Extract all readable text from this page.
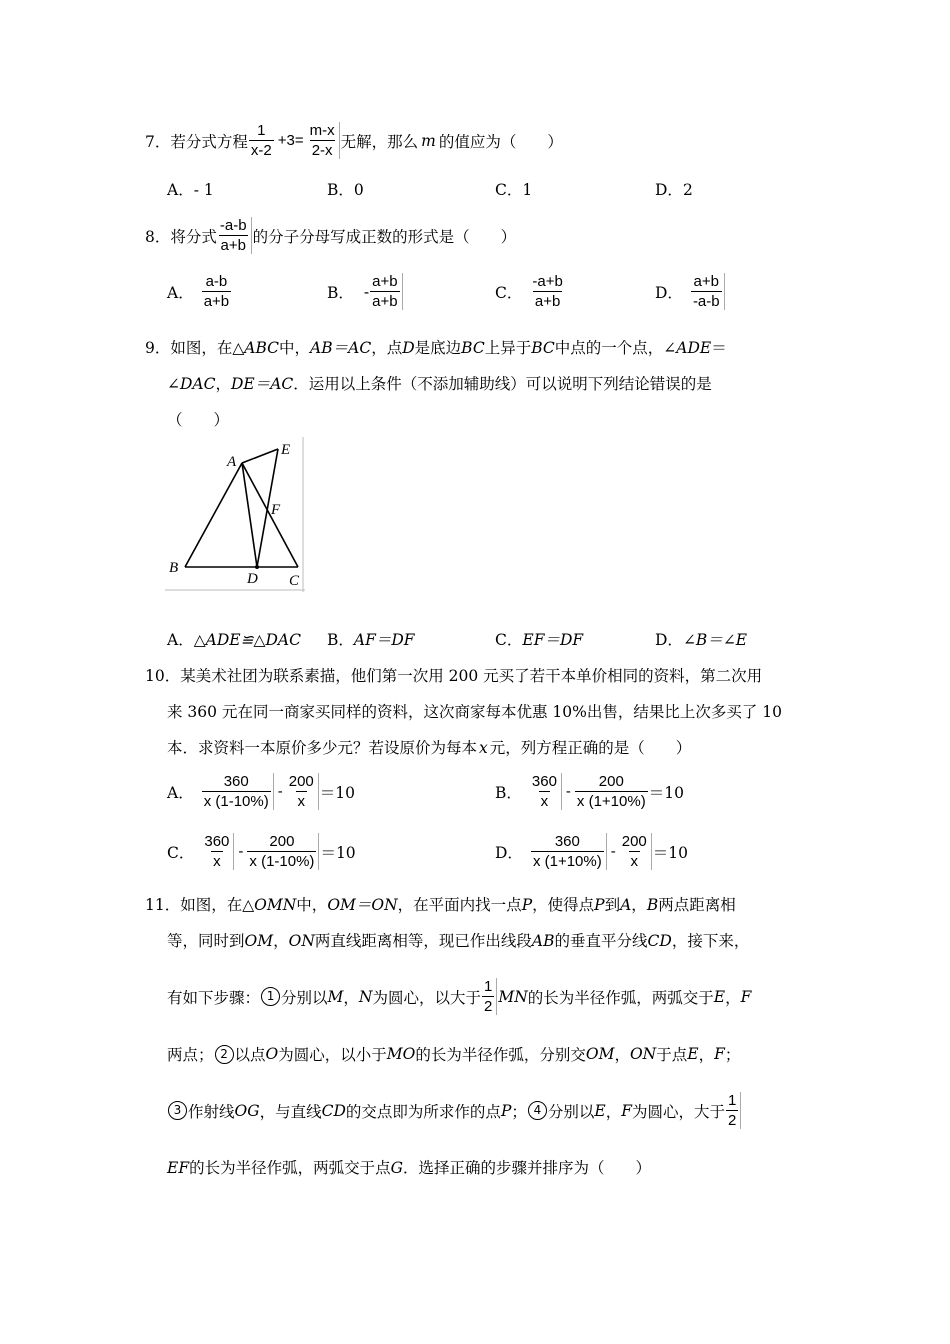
7． 若分式方程 $\frac{1}{x-2} +3= \frac{m-x}{2-x}$ 无解，那么 m 的值应为（　　）
A．- 1	B．0	C．1	D．2
8． 将分式 $\frac{-a-b}{a+b}$ 的分子分母写成正数的形式是（　　）
A． $\frac{a-b}{a+b}$	B． - $\frac{a+b}{a+b}$	C． $\frac{-a+b}{a+b}$	D． $\frac{a+b}{-a-b}$
9．如图，在△ABC中，AB＝AC，点D是底边BC上异于BC中点的一个点，∠ADE＝
∠DAC，DE＝AC．运用以上条件（不添加辅助线）可以说明下列结论错误的是
（　　）
A
E
F
B
D C
A．△ADE≌△DAC B．AF＝DF	C．EF＝DF	D．∠B＝∠E
10．某美术社团为联系素描，他们第一次用 200 元买了若干本单价相同的资料，第二次用
来 360 元在同一商家买同样的资料，这次商家每本优惠 10%出售，结果比上次多买了 10
本．求资料一本原价多少元？若设原价为每本 x 元，列方程正确的是（　　）
A． $\frac{360}{x (1-10\%)} - \frac{200}{x} =10$	B． $\frac{360}{x} - \frac{200}{x (1+10\%)} =10$
C． $\frac{360}{x} - \frac{200}{x (1-10\%)} =10$	D． $\frac{360}{x (1+10\%)} - \frac{200}{x} =10$
11．如图，在△OMN中，OM＝ON，在平面内找一点P，使得点P到A，B两点距离相
等，同时到OM，ON两直线距离相等，现已作出线段AB的垂直平分线CD，接下来，
有如下步骤： 1 分别以 M ， N 为圆心，以大于 $\frac{1}{2}$ MN 的长为半径作弧，两弧交于 E ， F
两点； 2 以点 O 为圆心，以小于 MO 的长为半径作弧，分别交 OM ， ON 于点 E ， F ；
3 作射线 OG ，与直线 CD 的交点即为所求作的点 P ； 4 分别以 E ， F 为圆心，大于 $\frac{1}{2}$
EF的长为半径作弧，两弧交于点G．选择正确的步骤并排序为（　　）
